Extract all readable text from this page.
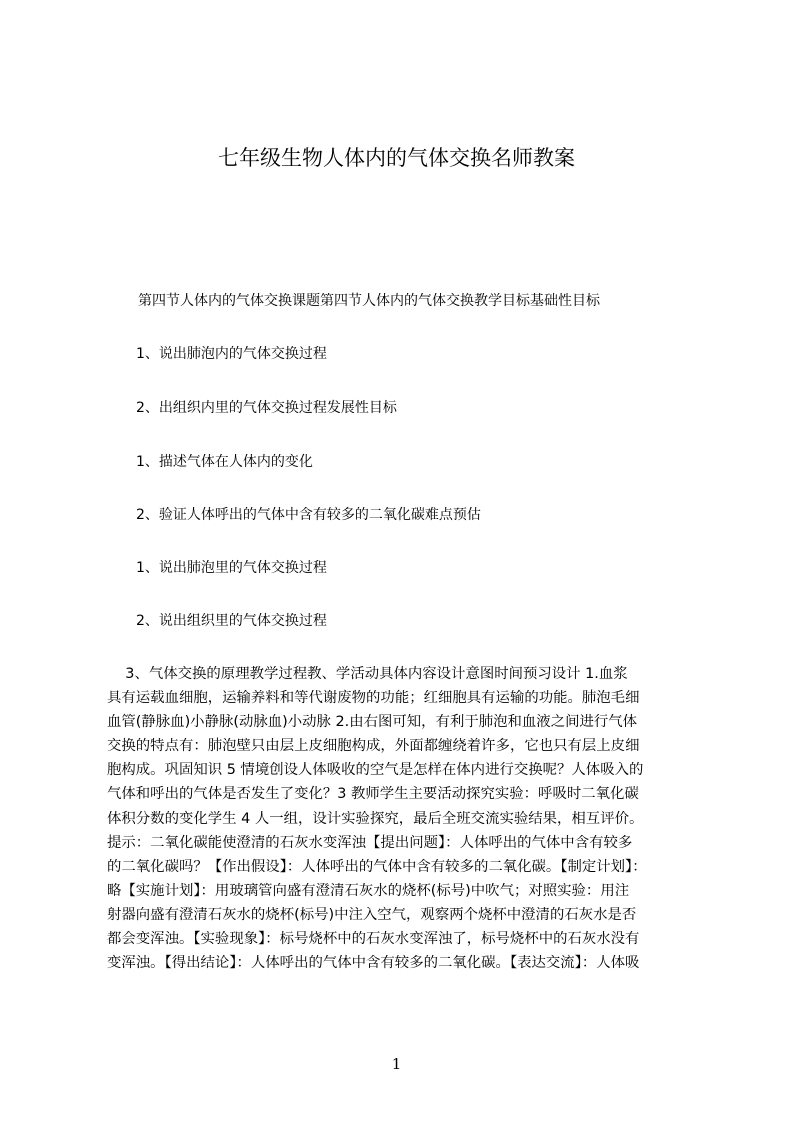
七年级生物人体内的气体交换名师教案
第四节人体内的气体交换课题第四节人体内的气体交换教学目标基础性目标
1、说出肺泡内的气体交换过程
2、出组织内里的气体交换过程发展性目标
1、描述气体在人体内的变化
2、验证人体呼出的气体中含有较多的二氧化碳难点预估
1、说出肺泡里的气体交换过程
2、说出组织里的气体交换过程
3、气体交换的原理教学过程教、学活动具体内容设计意图时间预习设计 1.血浆
具有运载血细胞，运输养料和等代谢废物的功能；红细胞具有运输的功能。肺泡毛细
血管(静脉血)小静脉(动脉血)小动脉 2.由右图可知，有利于肺泡和血液之间进行气体
交换的特点有：肺泡壁只由层上皮细胞构成，外面都缠绕着许多，它也只有层上皮细
胞构成。巩固知识 5 情境创设人体吸收的空气是怎样在体内进行交换呢？人体吸入的
气体和呼出的气体是否发生了变化？3 教师学生主要活动探究实验：呼吸时二氧化碳
体积分数的变化学生 4 人一组，设计实验探究，最后全班交流实验结果，相互评价。
提示：二氧化碳能使澄清的石灰水变浑浊【提出问题】：人体呼出的气体中含有较多
的二氧化碳吗？【作出假设】：人体呼出的气体中含有较多的二氧化碳。【制定计划】：
略【实施计划】：用玻璃管向盛有澄清石灰水的烧杯(标号)中吹气；对照实验：用注
射器向盛有澄清石灰水的烧杯(标号)中注入空气，观察两个烧杯中澄清的石灰水是否
都会变浑浊。【实验现象】：标号烧杯中的石灰水变浑浊了，标号烧杯中的石灰水没有
变浑浊。【得出结论】：人体呼出的气体中含有较多的二氧化碳。【表达交流】：人体吸
1
